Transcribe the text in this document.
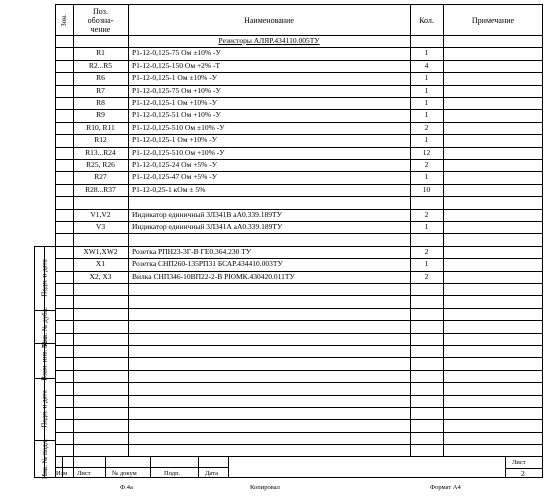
Зон.
Поз.
обозна-
чение
Наименование	Кол.	Примечание
Резисторы АЛЯР.434110.005ТУ
R1	Р1-12-0,125-75 Ом ±10% -У	1
R2...R5	Р1-12-0,125-150 Ом +2% -Т	4
R6	Р1-12-0,125-1 Ом ±10% -У	1
R7	Р1-12-0,125-75 Ом +10% -У	1
R8	Р1-12-0,125-1 Ом +10% -У	1
R9	Р1-12-0,125-51 Ом +10% -У	1
R10, R11	Р1-12-0,125-510 Ом ±10% -У	2
R12	Р1-12-0,125-1 Ом +10% -У	1
R13...R24	Р1-12-0,125-510 Ом +10% -У	12
R25, R26	Р1-12-0,125-24 Ом +5% -У	2
R27	Р1-12-0,125-47 Ом +5% -У	1
R28...R37	Р1-12-0,25-1 кОм ± 5%	10
V1,V2	Индикатор единичный 3Л341В аА0.339.189ТУ	2
V3	Индикатор единичный 3Л341А аА0.339.189ТУ	1
XW1,XW2	Розетка РПН23-3Г-В ГЕ0.364.230 ТУ	2
X1	Розетка СНП260-135РП31 БСАР.434410.003ТУ	1
X2, X3	Вилка СНП346-10ВП22-2-В РЮМК.430420.011ТУ	2
Подп. и дата
Инв. № дубл.
Взам. инв. №
Подп. и дата
Инв. № подл. Изм Лист	№ докум	Подп.	Дата
Лист
2
Ф.4a	Копировал	Формат А4
